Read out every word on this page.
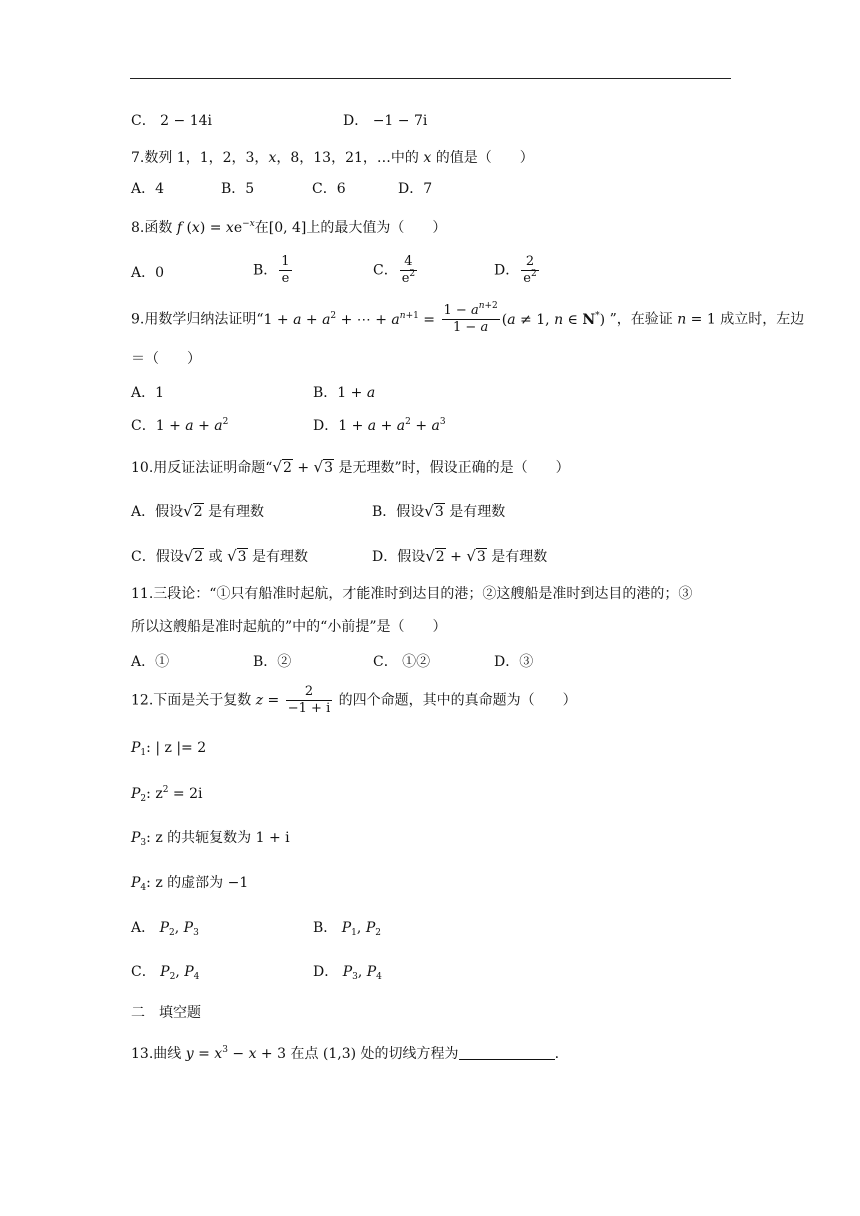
C． 2 − 14i	D． −1 − 7i
7.数列 1，1，2，3，x，8，13，21，…中的 x 的值是（　　）
A．4	B．5	C．6	D．7
8.函数 f $(x) = xe^{-x}$在[0, 4]上的最大值为（　　）
A．0	B． $\frac{1}{e}$	C． $\frac{4}{e^2}$	D． $\frac{2}{e^2}$
9.用数学归纳法证明“$1 + a + a^2$ + ⋯ + $a^{n+1} = \frac{1 - a^{n+2}}{1 - a} (a \ne 1$, n ∈ N*) ”，在验证 n = 1 成立时，左边
＝（　　）
A．1	B．1 + a
C．$1 + a + a^2$	D．$1 + a + a^2 + a^3$
10.用反证法证明命题“√2 + √3 是无理数”时，假设正确的是（　　）
A．假设√2 是有理数	B．假设√3 是有理数
C．假设√2 或 √3 是有理数	D．假设√2 + √3 是有理数
11.三段论：“①只有船准时起航，才能准时到达目的港；②这艘船是准时到达目的港的；③
所以这艘船是准时起航的”中的“小前提”是（　　）
A．①	B．②	C． ①②	D．③
12.下面是关于复数 $z = \frac{2}{-1 + i}$ 的四个命题，其中的真命题为（　　）
$P_1$: | z |= 2
$P_2$: $z^2 = 2i$
$P_3$: z 的共轭复数为 1 + i
$P_4$: z 的虚部为 −1
A． $P_2$, $P_3$	B． $P_1$, $P_2$
C． $P_2$, $P_4$	D． $P_3$, $P_4$
二　填空题
13.曲线 $y = x^3 - x + 3$ 在点 (1,3) 处的切线方程为	.
